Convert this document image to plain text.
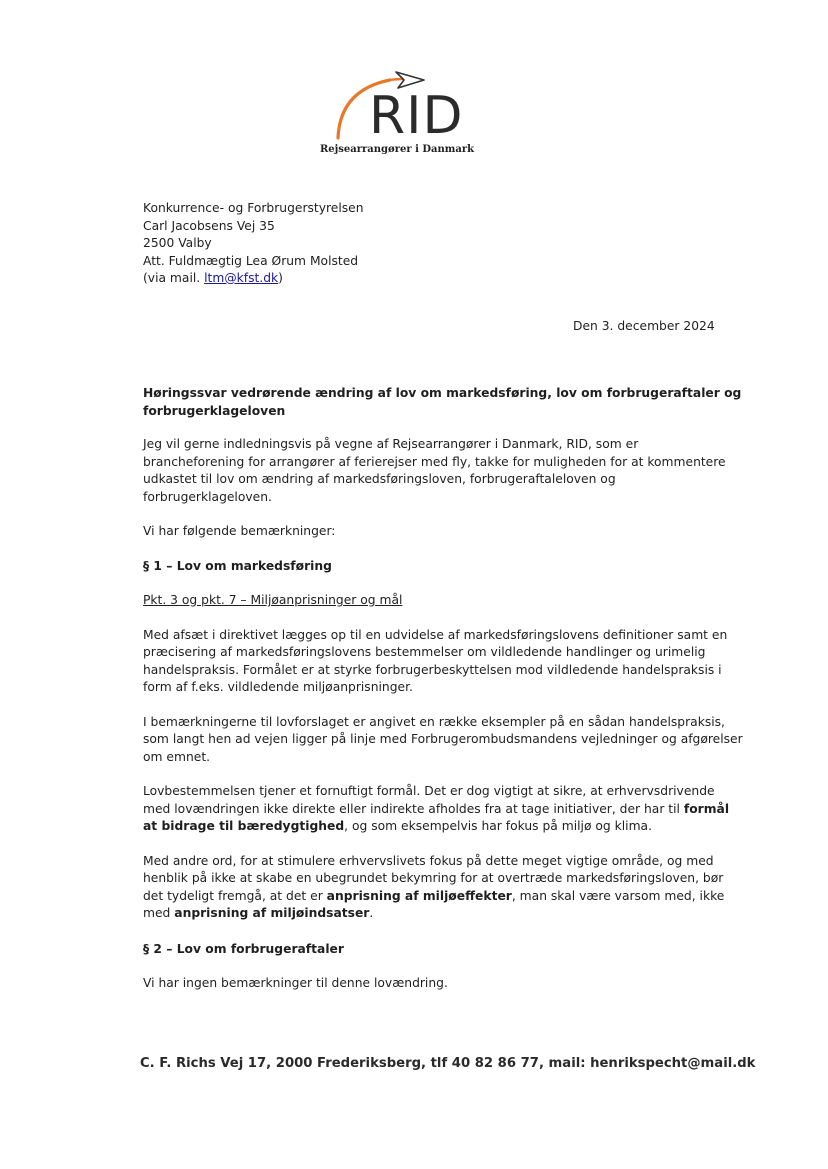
RID
Rejsearrangører i Danmark
Konkurrence- og Forbrugerstyrelsen
Carl Jacobsens Vej 35
2500 Valby
Att. Fuldmægtig Lea Ørum Molsted
(via mail. ltm@kfst.dk)
Den 3. december 2024

Høringssvar vedrørende ændring af lov om markedsføring, lov om forbrugeraftaler og forbrugerklageloven

Jeg vil gerne indledningsvis på vegne af Rejsearrangører i Danmark, RID, som er brancheforening for arrangører af ferierejser med fly, takke for muligheden for at kommentere udkastet til lov om ændring af markedsføringsloven, forbrugeraftaleloven og forbrugerklageloven.

Vi har følgende bemærkninger:

§ 1 – Lov om markedsføring

Pkt. 3 og pkt. 7 – Miljøanprisninger og mål

Med afsæt i direktivet lægges op til en udvidelse af markedsføringslovens definitioner samt en præcisering af markedsføringslovens bestemmelser om vildledende handlinger og urimelig handelspraksis. Formålet er at styrke forbrugerbeskyttelsen mod vildledende handelspraksis i form af f.eks. vildledende miljøanprisninger.

I bemærkningerne til lovforslaget er angivet en række eksempler på en sådan handelspraksis, som langt hen ad vejen ligger på linje med Forbrugerombudsmandens vejledninger og afgørelser om emnet.

Lovbestemmelsen tjener et fornuftigt formål. Det er dog vigtigt at sikre, at erhvervsdrivende med lovændringen ikke direkte eller indirekte afholdes fra at tage initiativer, der har til formål at bidrage til bæredygtighed, og som eksempelvis har fokus på miljø og klima.

Med andre ord, for at stimulere erhvervslivets fokus på dette meget vigtige område, og med henblik på ikke at skabe en ubegrundet bekymring for at overtræde markedsføringsloven, bør det tydeligt fremgå, at det er anprisning af miljøeffekter, man skal være varsom med, ikke med anprisning af miljøindsatser.

§ 2 – Lov om forbrugeraftaler

Vi har ingen bemærkninger til denne lovændring.

C. F. Richs Vej 17, 2000 Frederiksberg, tlf 40 82 86 77, mail: henrikspecht@mail.dk
